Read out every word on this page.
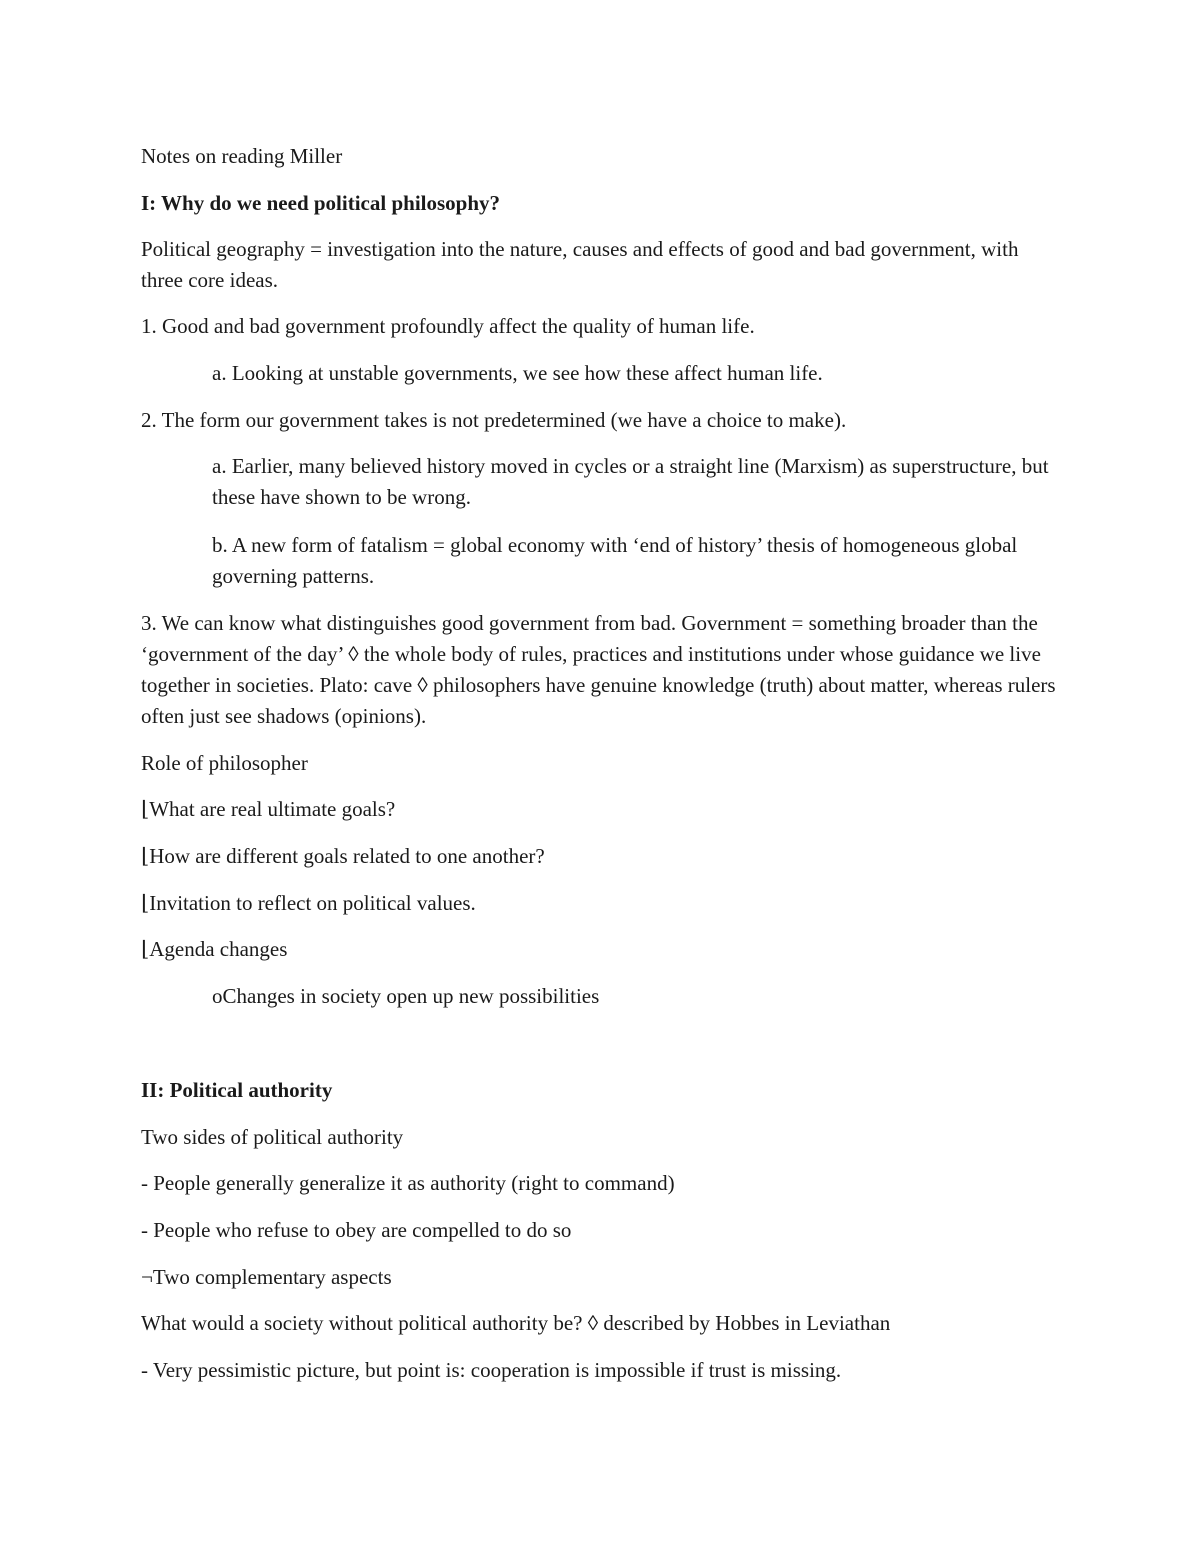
Notes on reading Miller

I: Why do we need political philosophy?

Political geography = investigation into the nature, causes and effects of good and bad government, with three core ideas.

1. Good and bad government profoundly affect the quality of human life.

a. Looking at unstable governments, we see how these affect human life.

2. The form our government takes is not predetermined (we have a choice to make).

a. Earlier, many believed history moved in cycles or a straight line (Marxism) as superstructure, but these have shown to be wrong.

b. A new form of fatalism = global economy with ‘end of history’ thesis of homogeneous global governing patterns.

3. We can know what distinguishes good government from bad. Government = something broader than the ‘government of the day’ ◊ the whole body of rules, practices and institutions under whose guidance we live together in societies. Plato: cave ◊ philosophers have genuine knowledge (truth) about matter, whereas rulers often just see shadows (opinions).

Role of philosopher

⌊What are real ultimate goals?

⌊How are different goals related to one another?

⌊Invitation to reflect on political values.

⌊Agenda changes

oChanges in society open up new possibilities

II: Political authority

Two sides of political authority

- People generally generalize it as authority (right to command)

- People who refuse to obey are compelled to do so

¬Two complementary aspects

What would a society without political authority be? ◊ described by Hobbes in Leviathan

- Very pessimistic picture, but point is: cooperation is impossible if trust is missing.
